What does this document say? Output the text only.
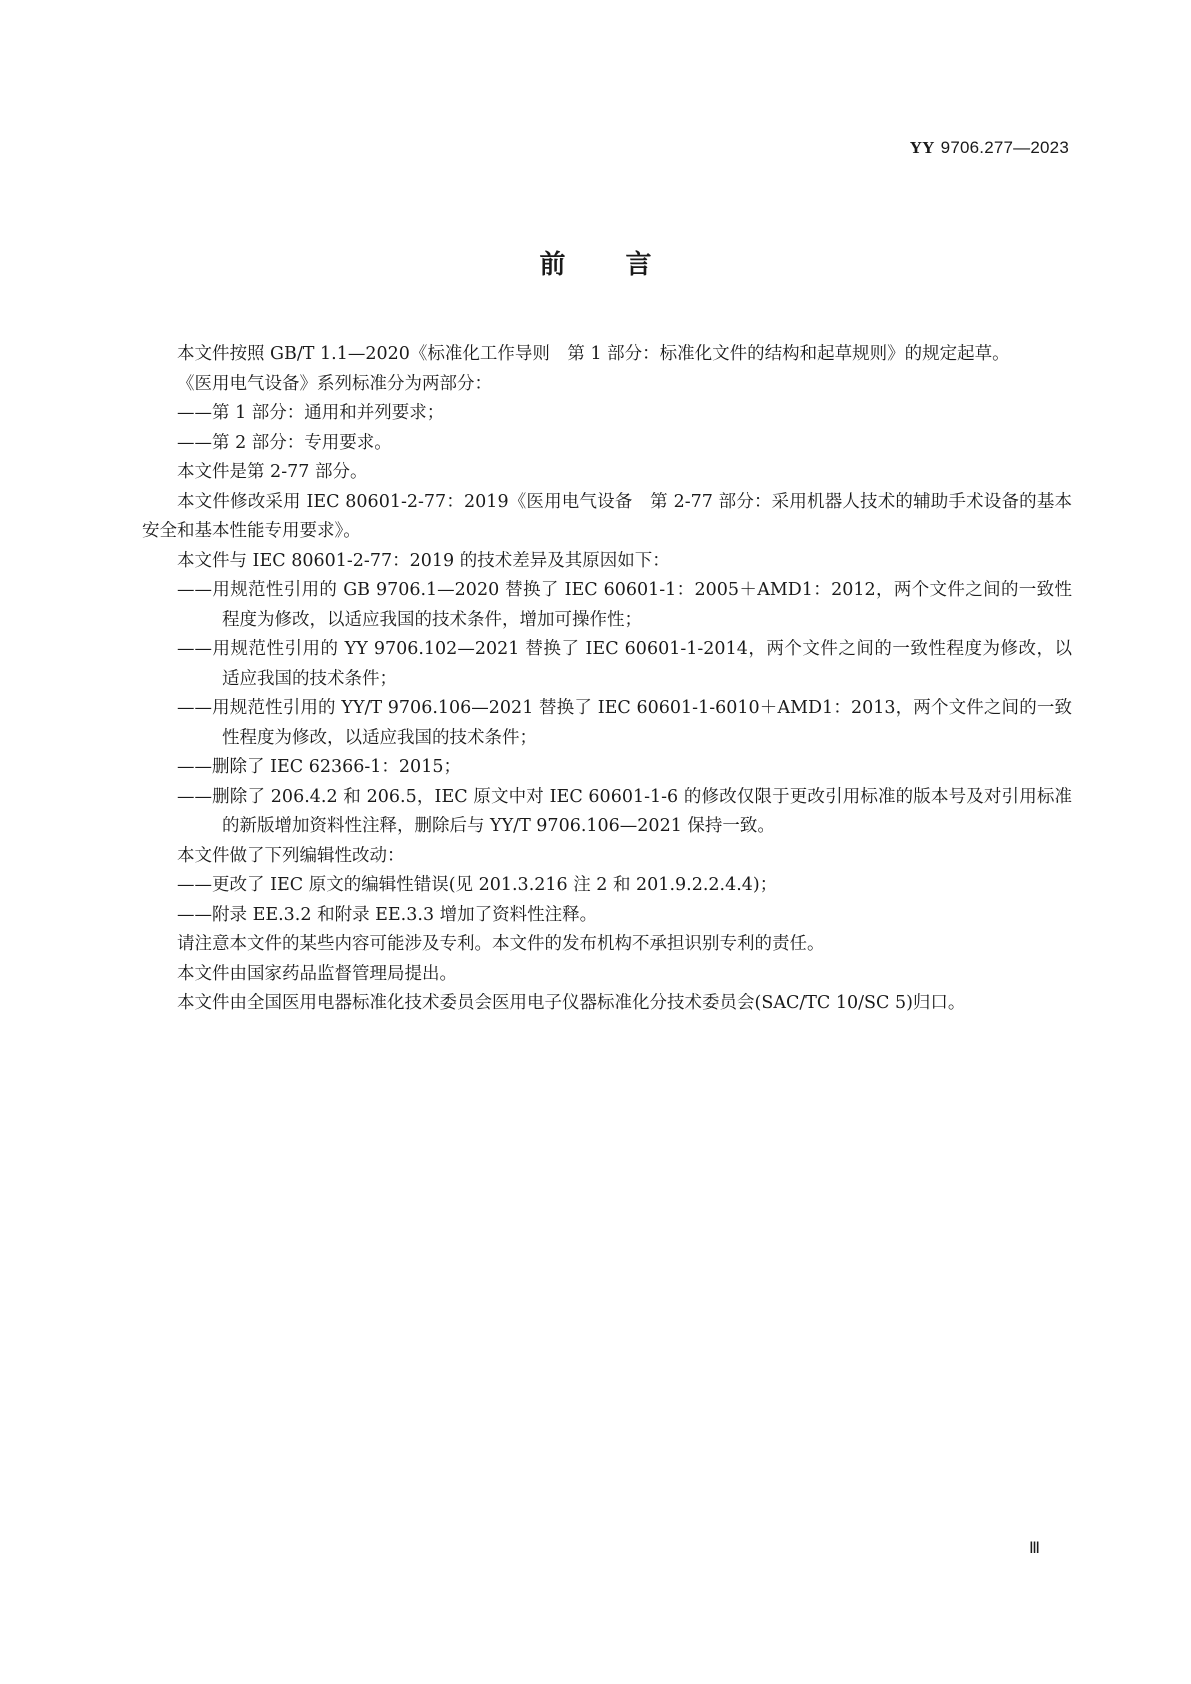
YY 9706.277—2023
前 言

本文件按照 GB/T 1.1—2020《标准化工作导则　第 1 部分：标准化文件的结构和起草规则》的规定起草。

《医用电气设备》系列标准分为两部分：

——第 1 部分：通用和并列要求；

——第 2 部分：专用要求。

本文件是第 2-77 部分。

本文件修改采用 IEC 80601-2-77：2019《医用电气设备　第 2-77 部分：采用机器人技术的辅助手术设备的基本安全和基本性能专用要求》。

本文件与 IEC 80601-2-77：2019 的技术差异及其原因如下：

——用规范性引用的 GB 9706.1—2020 替换了 IEC 60601-1：2005＋AMD1：2012，两个文件之间的一致性程度为修改，以适应我国的技术条件，增加可操作性；

——用规范性引用的 YY 9706.102—2021 替换了 IEC 60601-1-2014，两个文件之间的一致性程度为修改，以适应我国的技术条件；

——用规范性引用的 YY/T 9706.106—2021 替换了 IEC 60601-1-6010＋AMD1：2013，两个文件之间的一致性程度为修改，以适应我国的技术条件；

——删除了 IEC 62366-1：2015；

——删除了 206.4.2 和 206.5，IEC 原文中对 IEC 60601-1-6 的修改仅限于更改引用标准的版本号及对引用标准的新版增加资料性注释，删除后与 YY/T 9706.106—2021 保持一致。

本文件做了下列编辑性改动：

——更改了 IEC 原文的编辑性错误(见 201.3.216 注 2 和 201.9.2.2.4.4)；

——附录 EE.3.2 和附录 EE.3.3 增加了资料性注释。

请注意本文件的某些内容可能涉及专利。本文件的发布机构不承担识别专利的责任。

本文件由国家药品监督管理局提出。

本文件由全国医用电器标准化技术委员会医用电子仪器标准化分技术委员会(SAC/TC 10/SC 5)归口。

Ⅲ
